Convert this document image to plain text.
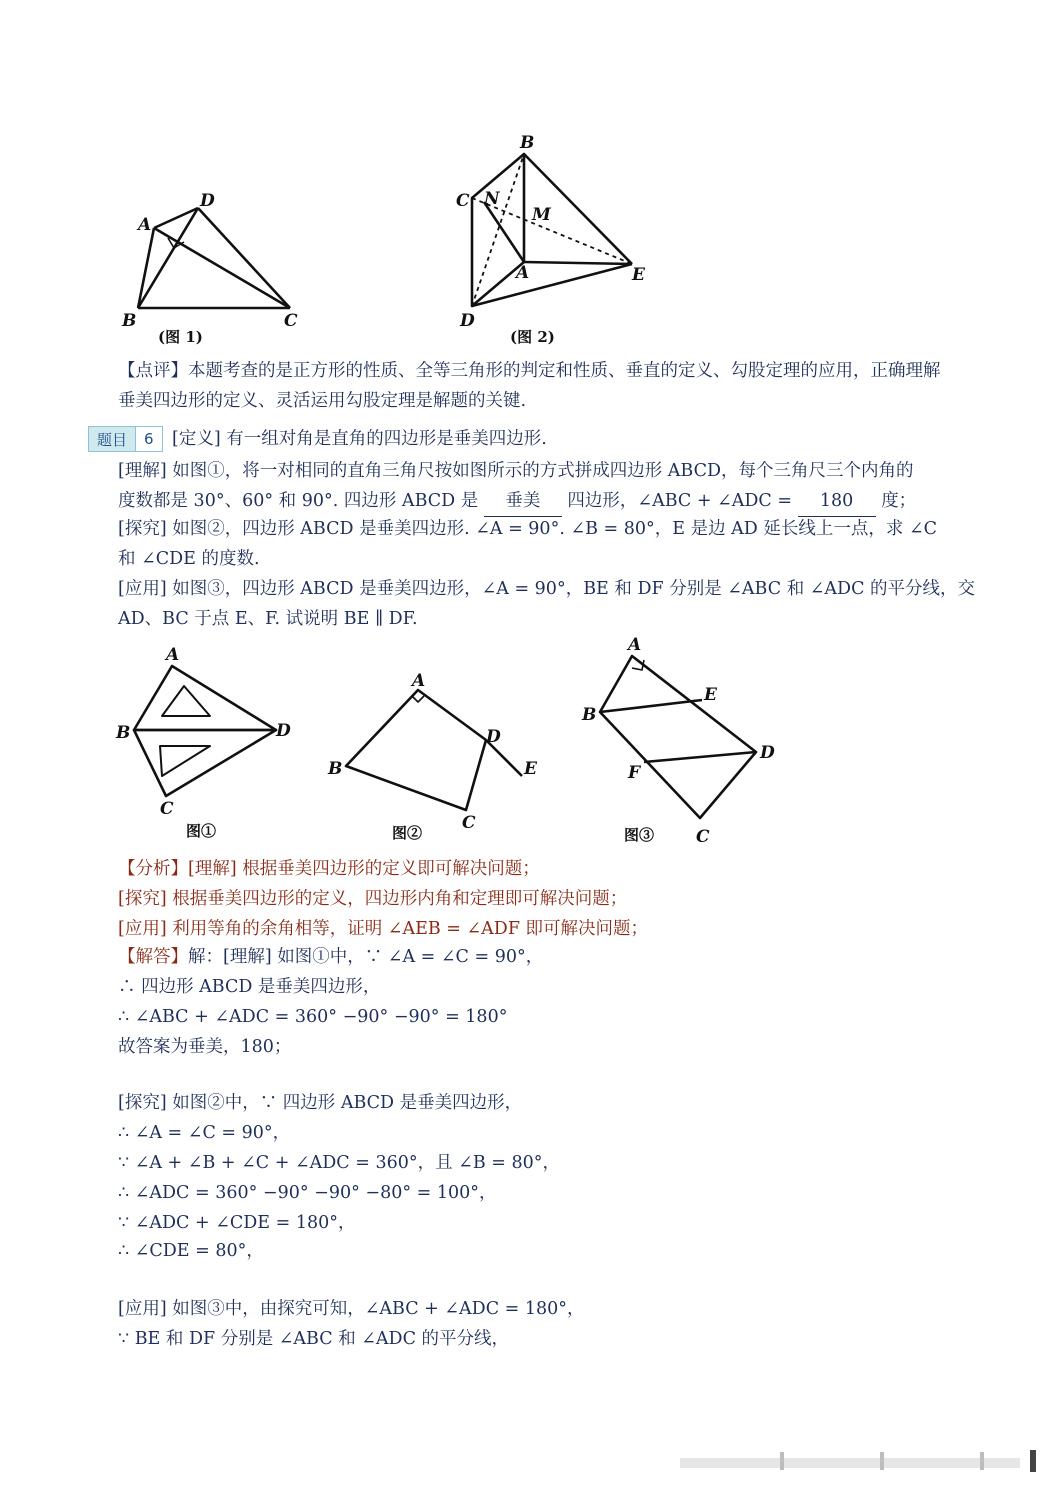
A
D
B	C
(图 1)
B
C N
M
A	E
D
(图 2)
【点评】本题考查的是正方形的性质、全等三角形的判定和性质、垂直的定义、勾股定理的应用，正确理解
垂美四边形的定义、灵活运用勾股定理是解题的关键.
题目	6	[定义] 有一组对角是直角的四边形是垂美四边形.
[理解] 如图①，将一对相同的直角三角尺按如图所示的方式拼成四边形 ABCD，每个三角尺三个内角的
度数都是 30°、60° 和 90°. 四边形 ABCD 是 垂美 四边形，∠ABC + ∠ADC = 180 度；
[探究] 如图②，四边形 ABCD 是垂美四边形. ∠A = 90°. ∠B = 80°，E 是边 AD 延长线上一点，求 ∠C
和 ∠CDE 的度数.
[应用] 如图③，四边形 ABCD 是垂美四边形，∠A = 90°，BE 和 DF 分别是 ∠ABC 和 ∠ADC 的平分线，交
AD、BC 于点 E、F. 试说明 BE ∥ DF.
A
B	D
C
图①
A
B
D
E
C
图②
A
B
E
D
F
C
图③
【分析】[理解] 根据垂美四边形的定义即可解决问题；
[探究] 根据垂美四边形的定义，四边形内角和定理即可解决问题；
[应用] 利用等角的余角相等，证明 ∠AEB = ∠ADF 即可解决问题；
【解答】解：[理解] 如图①中，∵ ∠A = ∠C = 90°，
∴ 四边形 ABCD 是垂美四边形，
∴ ∠ABC + ∠ADC = 360° −90° −90° = 180°
故答案为垂美，180；
[探究] 如图②中，∵ 四边形 ABCD 是垂美四边形，
∴ ∠A = ∠C = 90°，
∵ ∠A + ∠B + ∠C + ∠ADC = 360°，且 ∠B = 80°，
∴ ∠ADC = 360° −90° −90° −80° = 100°，
∵ ∠ADC + ∠CDE = 180°，
∴ ∠CDE = 80°，
[应用] 如图③中，由探究可知，∠ABC + ∠ADC = 180°，
∵ BE 和 DF 分别是 ∠ABC 和 ∠ADC 的平分线，
